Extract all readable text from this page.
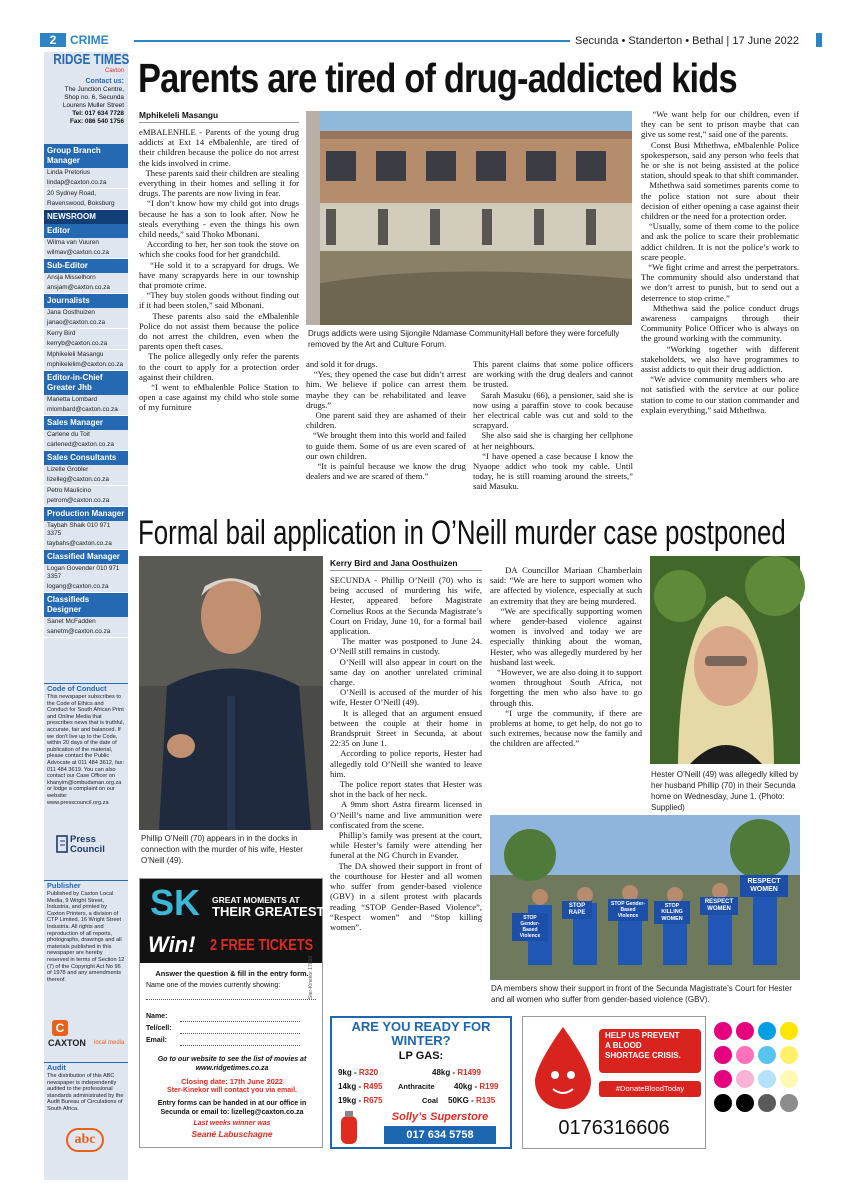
2	CRIME	Secunda • Standerton • Bethal | 17 June 2022
RIDGE TIMES
Caxton
Contact us:
The Junction Centre, Shop no. 6, Secunda Lourens Muller Street
Tel: 017 634 7728
Fax: 086 540 1756
Group Branch Manager
Linda Pretorius
lindap@caxton.co.za
20 Sydney Road,
Ravenswood, Boksburg
NEWSROOM
Editor
Wilma van Vuuren
wilmav@caxton.co.za
Sub-Editor
Ansja Misselhorn
ansjam@caxton.co.za
Journalists
Jana Oosthuizen
janao@caxton.co.za
Kerry Bird
kerryb@caxton.co.za
Mphikeleli Masangu
mphikelelim@caxton.co.za
Editor-in-Chief Greater Jhb
Marietta Lombard
mlombard@caxton.co.za
Sales Manager
Carlene du Toit
carlened@caxton.co.za
Sales Consultants
Lizelle Grobler
lizelleg@caxton.co.za
Petro Maulicino
petrom@caxton.co.za
Production Manager
Taybah Shaik 010 971 3375
taybahs@caxton.co.za
Classified Manager
Logan Govender 010 971 3357
logang@caxton.co.za
Classifieds Designer
Sanet McFadden
sanetm@caxton.co.za
Code of Conduct
This newspaper subscribes to the Code of Ethics and Conduct for South African Print and Online Media that prescribes news that is truthful, accurate, fair and balanced. If we don't live up to the Code, within 20 days of the date of publication of the material, please contact the Public Advocate at 011 484 3612, fax: 011 484 3619. You can also contact our Case Officer on khanyim@ombudsman.org.za or lodge a complaint on our website: www.presscouncil.org.za
Press Council
Publisher
Published by Caxton Local Media, 9 Wright Street, Industria, and printed by Caxton Printers, a division of CTP Limited, 16 Wright Street Industria. All rights and reproduction of all reports, photographs, drawings and all materials published in this newspaper are hereby reserved in terms of Section 12 (7) of the Copyright Act No 96 of 1978 and any amendments thereof.
C
CAXTON local media
Audit
The distribution of this ABC newspaper is independently audited to the professional standards administrated by the Audit Bureau of Circulations of South Africa.
abc
Parents are tired of drug-addicted kids
Mphikeleli Masangu
eMBALENHLE - Parents of the young drug addicts at Ext 14 eMbalenhle, are tired of their children because the police do not arrest the kids involved in crime.
These parents said their children are stealing everything in their homes and selling it for drugs. The parents are now living in fear.
“I don’t know how my child got into drugs because he has a son to look after. Now he steals everything - even the things his own child needs,” said Thoko Mbonani.
According to her, her son took the stove on which she cooks food for her grandchild.
“He sold it to a scrapyard for drugs. We have many scrapyards here in our township that promote crime.
“They buy stolen goods without finding out if it had been stolen,” said Mbonani.
These parents also said the eMbalenhle Police do not assist them because the police do not arrest the children, even when the parents open theft cases.
The police allegedly only refer the parents to the court to apply for a protection order against their children.
“I went to eMbalenhle Police Station to open a case against my child who stole some of my furniture
Drugs addicts were using Sijongile Ndamase CommunityHall before they were forcefully removed by the Art and Culture Forum.
and sold it for drugs.
“Yes, they opened the case but didn’t arrest him. We believe if police can arrest them maybe they can be rehabilitated and leave drugs.”
One parent said they are ashamed of their children.
“We brought them into this world and failed to guide them. Some of us are even scared of our own children.
“It is painful because we know the drug dealers and we are scared of them.”
This parent claims that some police officers are working with the drug dealers and cannot be trusted.
Sarah Masuku (66), a pensioner, said she is now using a paraffin stove to cook because her electrical cable was cut and sold to the scrapyard.
She also said she is charging her cellphone at her neighbours.
“I have opened a case because I know the Nyaope addict who took my cable. Until today, he is still roaming around the streets,” said Masuku.
“We want help for our children, even if they can be sent to prison maybe that can give us some rest,” said one of the parents.
Const Busi Mthethwa, eMbalenhle Police spokesperson, said any person who feels that he or she is not being assisted at the police station, should speak to that shift commander.
Mthethwa said sometimes parents come to the police station not sure about their decision of either opening a case against their children or the need for a protection order.
“Usually, some of them come to the police and ask the police to scare their problematic addict children. It is not the police’s work to scare people.
“We fight crime and arrest the perpetrators. The community should also understand that we don’t arrest to punish, but to send out a deterrence to stop crime.”
Mthethwa said the police conduct drugs awareness campaigns through their Community Police Officer who is always on the ground working with the community.
“Working together with different stakeholders, we also have programmes to assist addicts to quit their drug addiction.
“We advice community members who are not satisfied with the service at our police station to come to our station commander and explain everything,” said Mthethwa.
Formal bail application in O’Neill murder case postponed
Phillip O’Neill (70) appears in in the docks in connection with the murder of his wife, Hester O’Neill (49).
Kerry Bird and Jana Oosthuizen
SECUNDA - Phillip O’Neill (70) who is being accused of murdering his wife, Hester, appeared before Magistrate Cornelius Roos at the Secunda Magistrate’s Court on Friday, June 10, for a formal bail application.
The matter was postponed to June 24. O’Neill still remains in custody.
O’Neill will also appear in court on the same day on another unrelated criminal charge.
O’Neill is accused of the murder of his wife, Hester O’Neill (49).
It is alleged that an argument ensued between the couple at their home in Brandspruit Street in Secunda, at about 22:35 on June 1.
According to police reports, Hester had allegedly told O’Neill she wanted to leave him.
The police report states that Hester was shot in the back of her neck.
A 9mm short Astra firearm licensed in O’Neill’s name and live ammunition were confiscated from the scene.
Phillip’s family was present at the court, while Hester’s family were attending her funeral at the NG Church in Evander.
The DA showed their support in front of the courthouse for Hester and all women who suffer from gender-based violence (GBV) in a silent protest with placards reading “STOP Gender-Based Violence”, “Respect women” and “Stop killing women”.
DA Councillor Mariaan Chamberlain said: “We are here to support women who are affected by violence, especially at such an extremity that they are being murdered.
“We are specifically supporting women where gender-based violence against women is involved and today we are especially thinking about the woman, Hester, who was allegedly murdered by her husband last week.
“However, we are also doing it to support women throughout South Africa, not forgetting the men who also have to go through this.
“I urge the community, if there are problems at home, to get help, do not go to such extremes, because now the family and the children are affected.”
Hester O’Neill (49) was allegedly killed by her husband Phillip (70) in their Secunda home on Wednesday, June 1. (Photo: Supplied)
STOP Gender-Based Violence
STOP RAPE
STOP Gender-Based Violence
STOP KILLING WOMEN
RESPECT WOMEN
RESPECT WOMEN
DA members show their support in front of the Secunda Magistrate’s Court for Hester and all women who suffer from gender-based violence (GBV).
SK GREAT MOMENTS AT
THEIR GREATEST
Win! 2 FREE TICKETS
Answer the question & fill in the entry form.
Name one of the movies currently showing:
Name:
Tel/cell:
Email:
Ster-Kinekor 17810
Go to our website to see the list of movies at www.ridgetimes.co.za
Closing date: 17th June 2022
Ster-Kinekor will contact you via email.
Entry forms can be handed in at our office in Secunda or email to: lizelleg@caxton.co.za
Last weeks winner was
Seané Labuschagne
ARE YOU READY FOR WINTER?
LP GAS:
9kg - R320	48kg - R1499
14kg - R495 Anthracite 40kg - R199
19kg - R675	Coal 50KG - R135
Solly’s Superstore
017 634 5758
HELP US PREVENT
A BLOOD
SHORTAGE CRISIS.
#DonateBloodToday
0176316606
